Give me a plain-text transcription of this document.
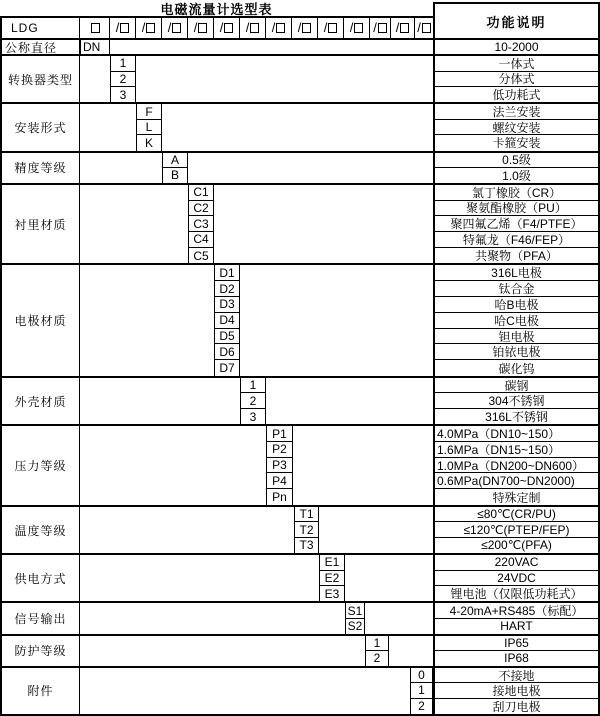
电磁流量计选型表
LDG	/ / / / / / / / / / / / /	功能说明
公称直径	DN	10-2000
转换器类型
1	一体式
2	分体式
3	低功耗式
安装形式
F	法兰安装
L	螺纹安装
K	卡箍安装
精度等级
A	0.5级
B	1.0级
衬里材质
C1	氯丁橡胶（CR）
C2	聚氨酯橡胶（PU）
C3	聚四氟乙烯（F4/PTFE）
C4	特氟龙（F46/FEP）
C5	共聚物（PFA）
电极材质
D1	316L电极
D2	钛合金
D3	哈B电极
D4	哈C电极
D5	钽电极
D6	铂铱电极
D7	碳化钨
外壳材质
1	碳钢
2	304不锈钢
3	316L不锈钢
压力等级
P1	4.0MPa（DN10~150）
P2	1.6MPa（DN15~150）
P3	1.0MPa（DN200~DN600）
P4	0.6MPa(DN700~DN2000)
Pn	特殊定制
温度等级
T1	≤80℃(CR/PU)
T2	≤120℃(PTEP/FEP)
T3	≤200℃(PFA)
供电方式
E1	220VAC
E2	24VDC
E3	锂电池（仅限低功耗式）
信号输出
S1	4-20mA+RS485（标配）
S2	HART
防护等级
1	IP65
2	IP68
附件
0	不接地
1	接地电极
2	刮刀电极
